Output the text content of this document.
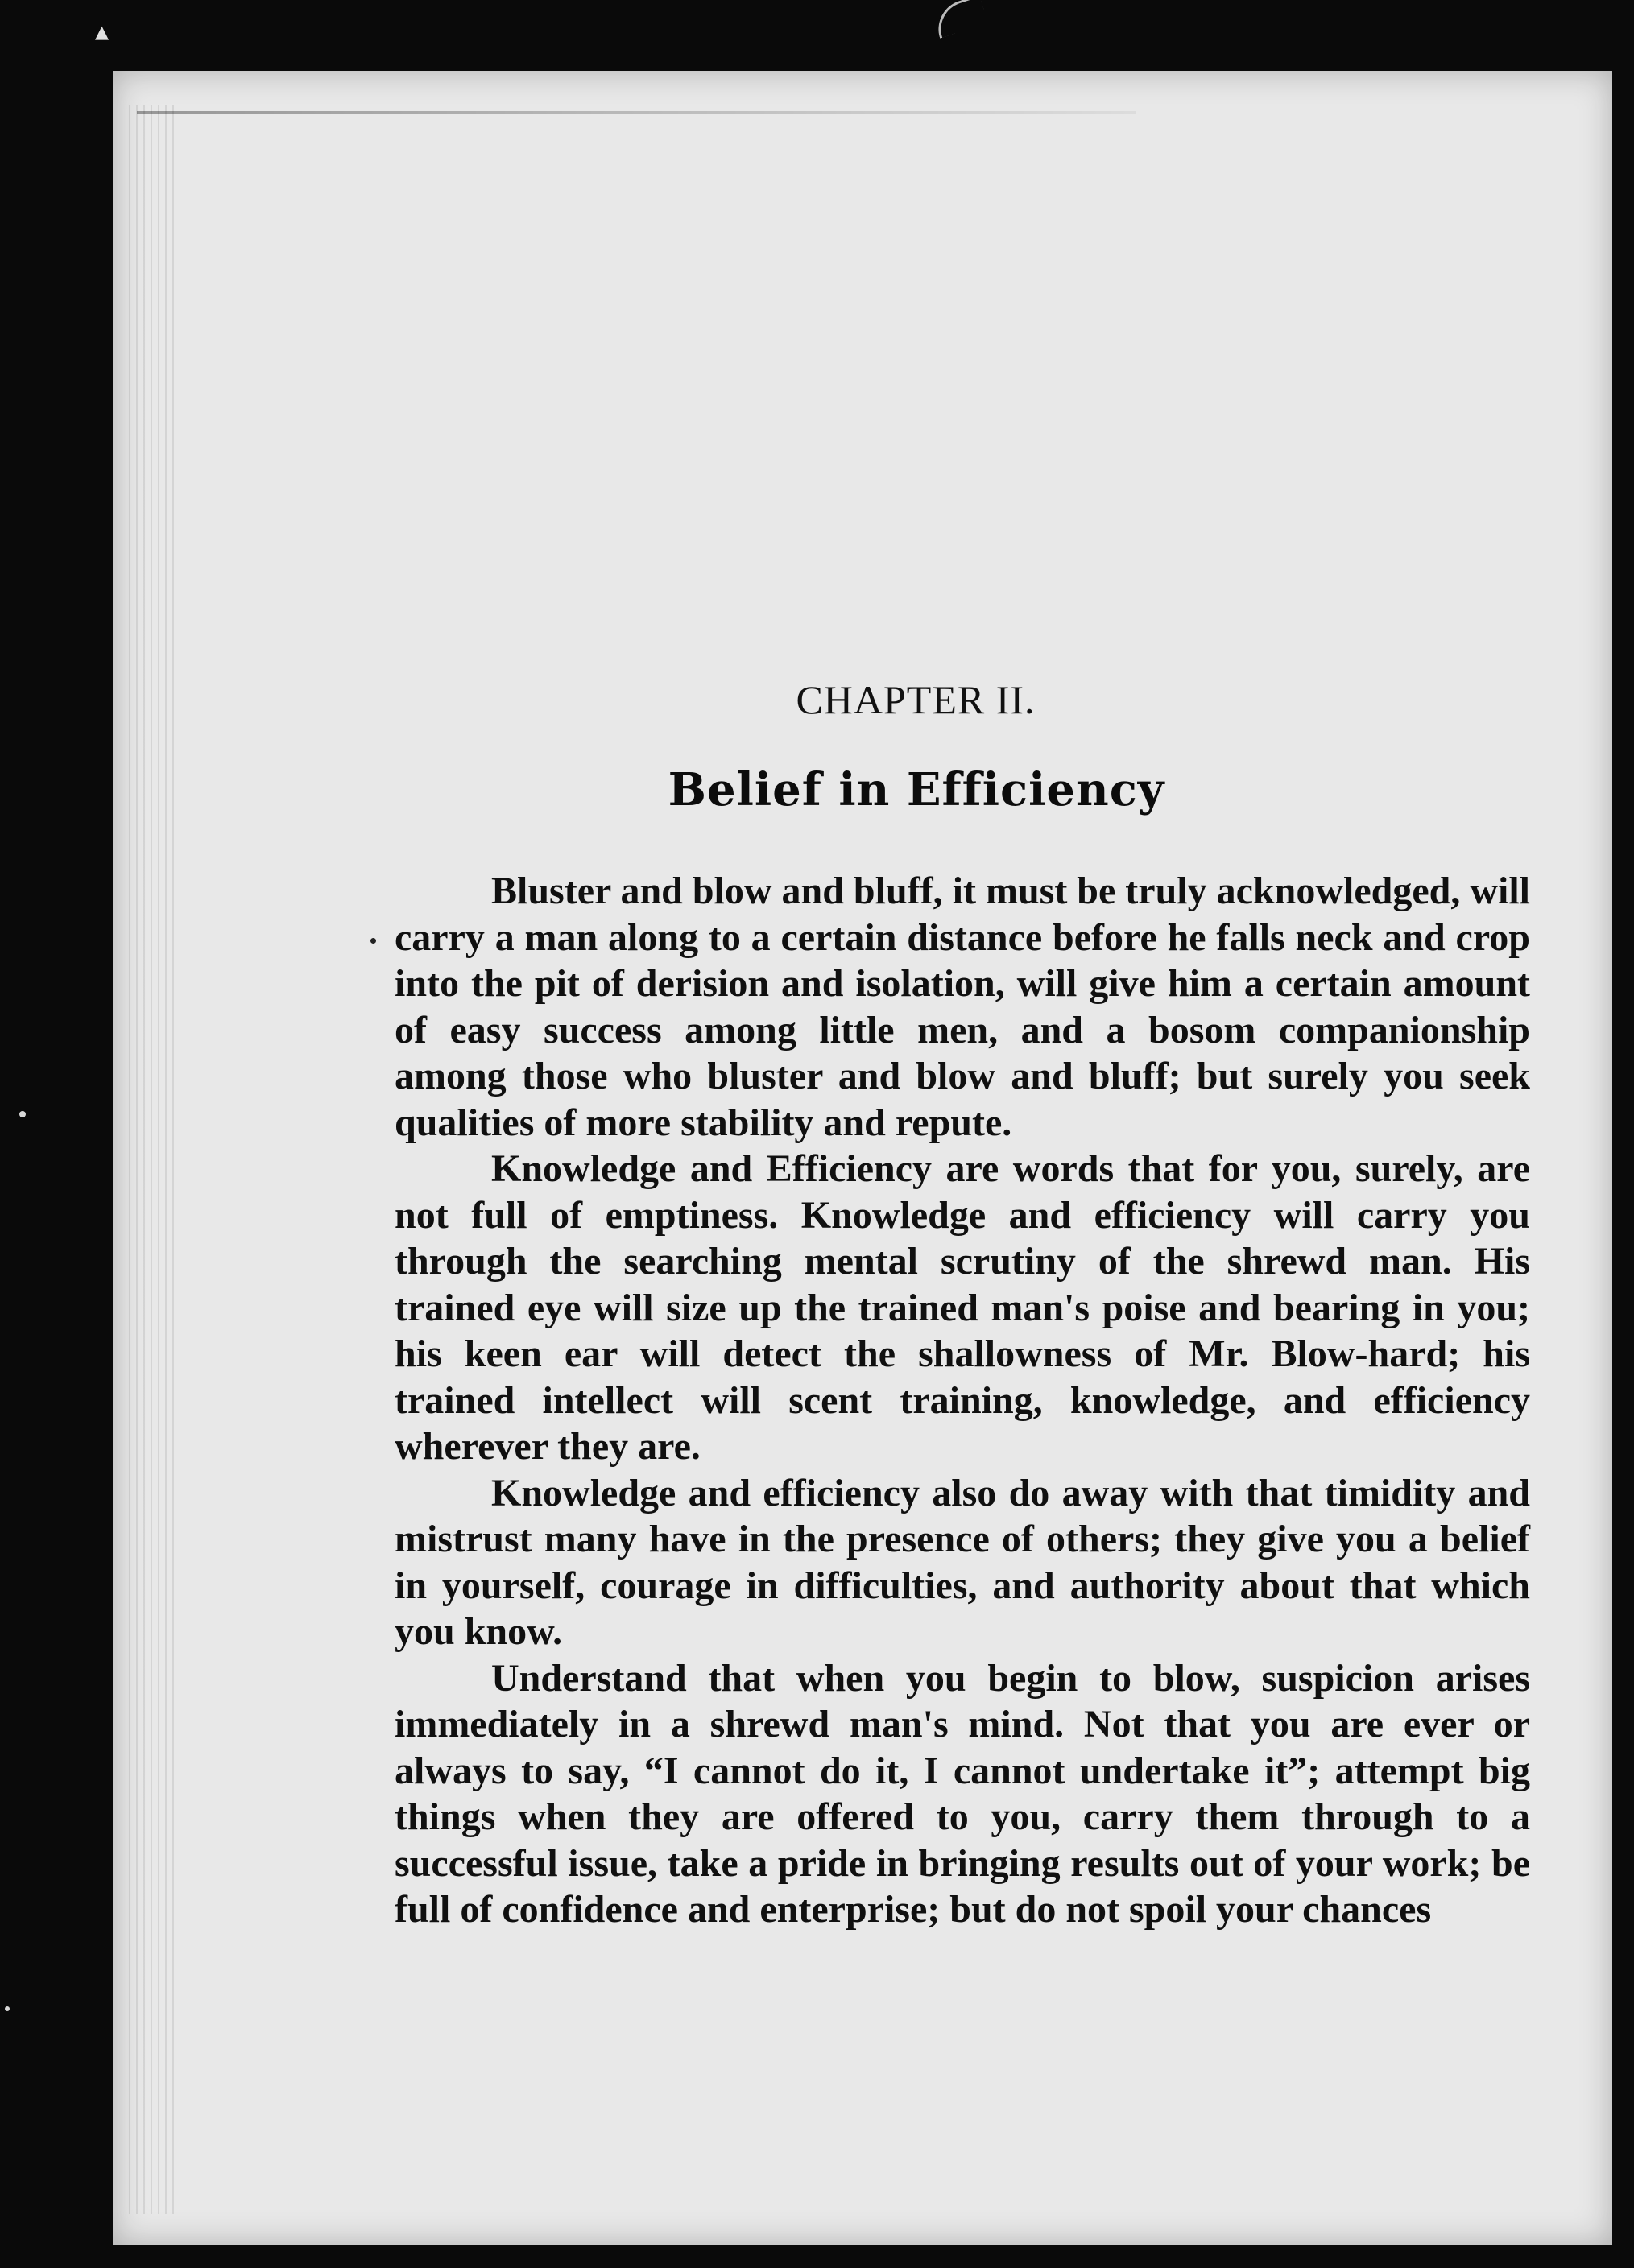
▴
CHAPTER II.
Belief in Efficiency

Bluster and blow and bluff, it must be truly acknowledged, will carry a man along to a certain distance before he falls neck and crop into the pit of derision and isolation, will give him a certain amount of easy success among little men, and a bosom companionship among those who bluster and blow and bluff; but surely you seek qualities of more stability and repute.

Knowledge and Efficiency are words that for you, surely, are not full of emptiness. Knowledge and efficiency will carry you through the searching mental scrutiny of the shrewd man. His trained eye will size up the trained man's poise and bearing in you; his keen ear will detect the shallowness of Mr. Blow-hard; his trained intellect will scent training, knowledge, and efficiency wherever they are.

Knowledge and efficiency also do away with that timidity and mistrust many have in the presence of others; they give you a belief in yourself, courage in difficulties, and authority about that which you know.

Understand that when you begin to blow, suspicion arises immediately in a shrewd man's mind. Not that you are ever or always to say, “I cannot do it, I cannot undertake it”; attempt big things when they are offered to you, carry them through to a successful issue, take a pride in bringing results out of your work; be full of confidence and enterprise; but do not spoil your chances
